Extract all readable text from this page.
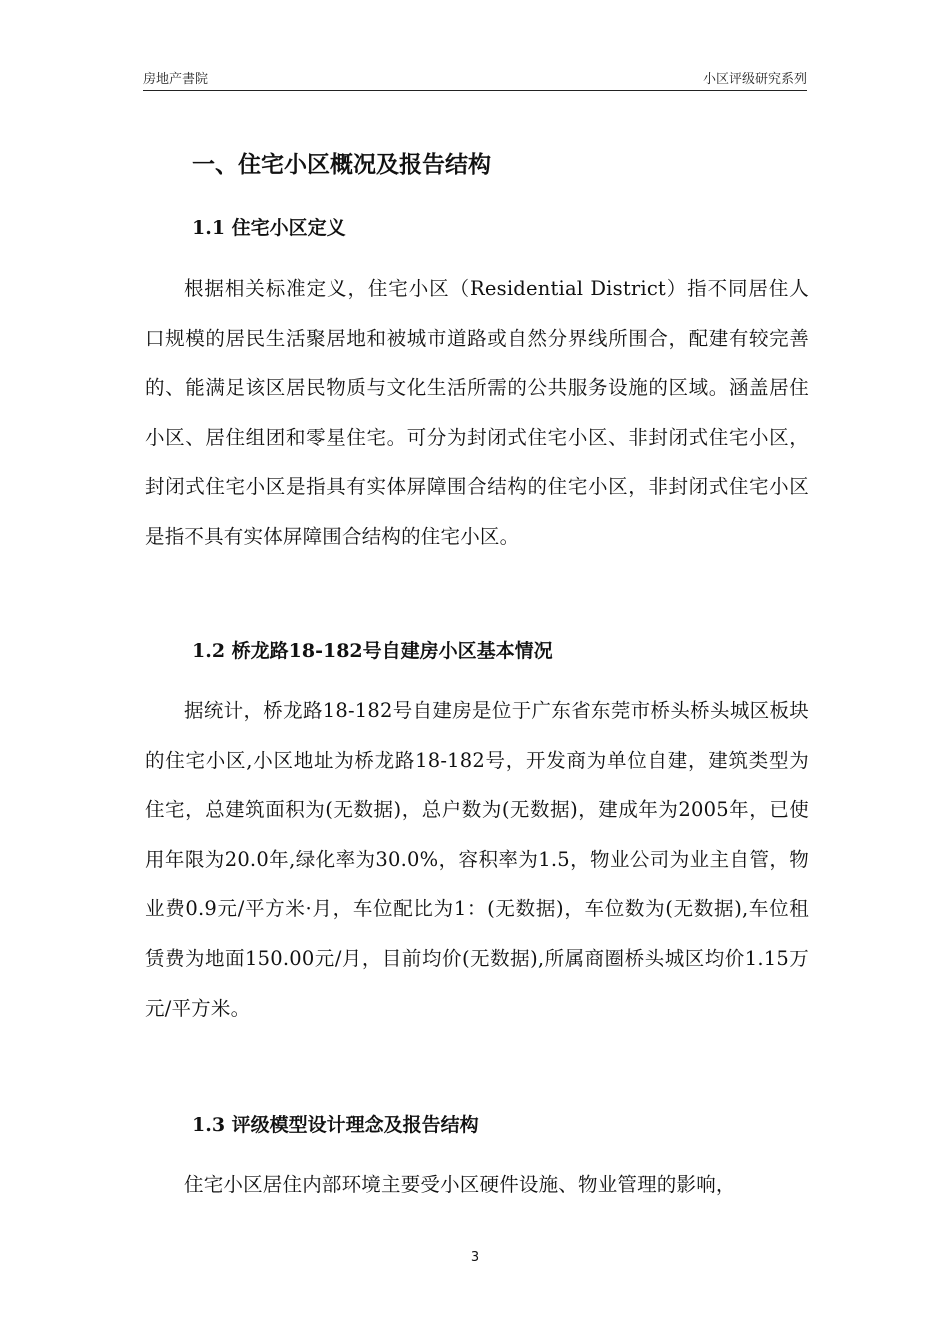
房地产書院	小区评级研究系列
一、住宅小区概况及报告结构
1.1 住宅小区定义
根据相关标准定义，住宅小区（Residential District）指不同居住人口规模的居民生活聚居地和被城市道路或自然分界线所围合，配建有较完善的、能满足该区居民物质与文化生活所需的公共服务设施的区域。涵盖居住小区、居住组团和零星住宅。可分为封闭式住宅小区、非封闭式住宅小区，封闭式住宅小区是指具有实体屏障围合结构的住宅小区，非封闭式住宅小区是指不具有实体屏障围合结构的住宅小区。
1.2 桥龙路18-182号自建房小区基本情况
据统计，桥龙路18-182号自建房是位于广东省东莞市桥头桥头城区板块的住宅小区,小区地址为桥龙路18-182号，开发商为单位自建，建筑类型为住宅，总建筑面积为(无数据)，总户数为(无数据)，建成年为2005年，已使用年限为20.0年,绿化率为30.0%，容积率为1.5，物业公司为业主自管，物业费0.9元/平方米·月，车位配比为1：(无数据)，车位数为(无数据),车位租赁费为地面150.00元/月，目前均价(无数据),所属商圈桥头城区均价1.15万元/平方米。
1.3 评级模型设计理念及报告结构
住宅小区居住内部环境主要受小区硬件设施、物业管理的影响，
3
